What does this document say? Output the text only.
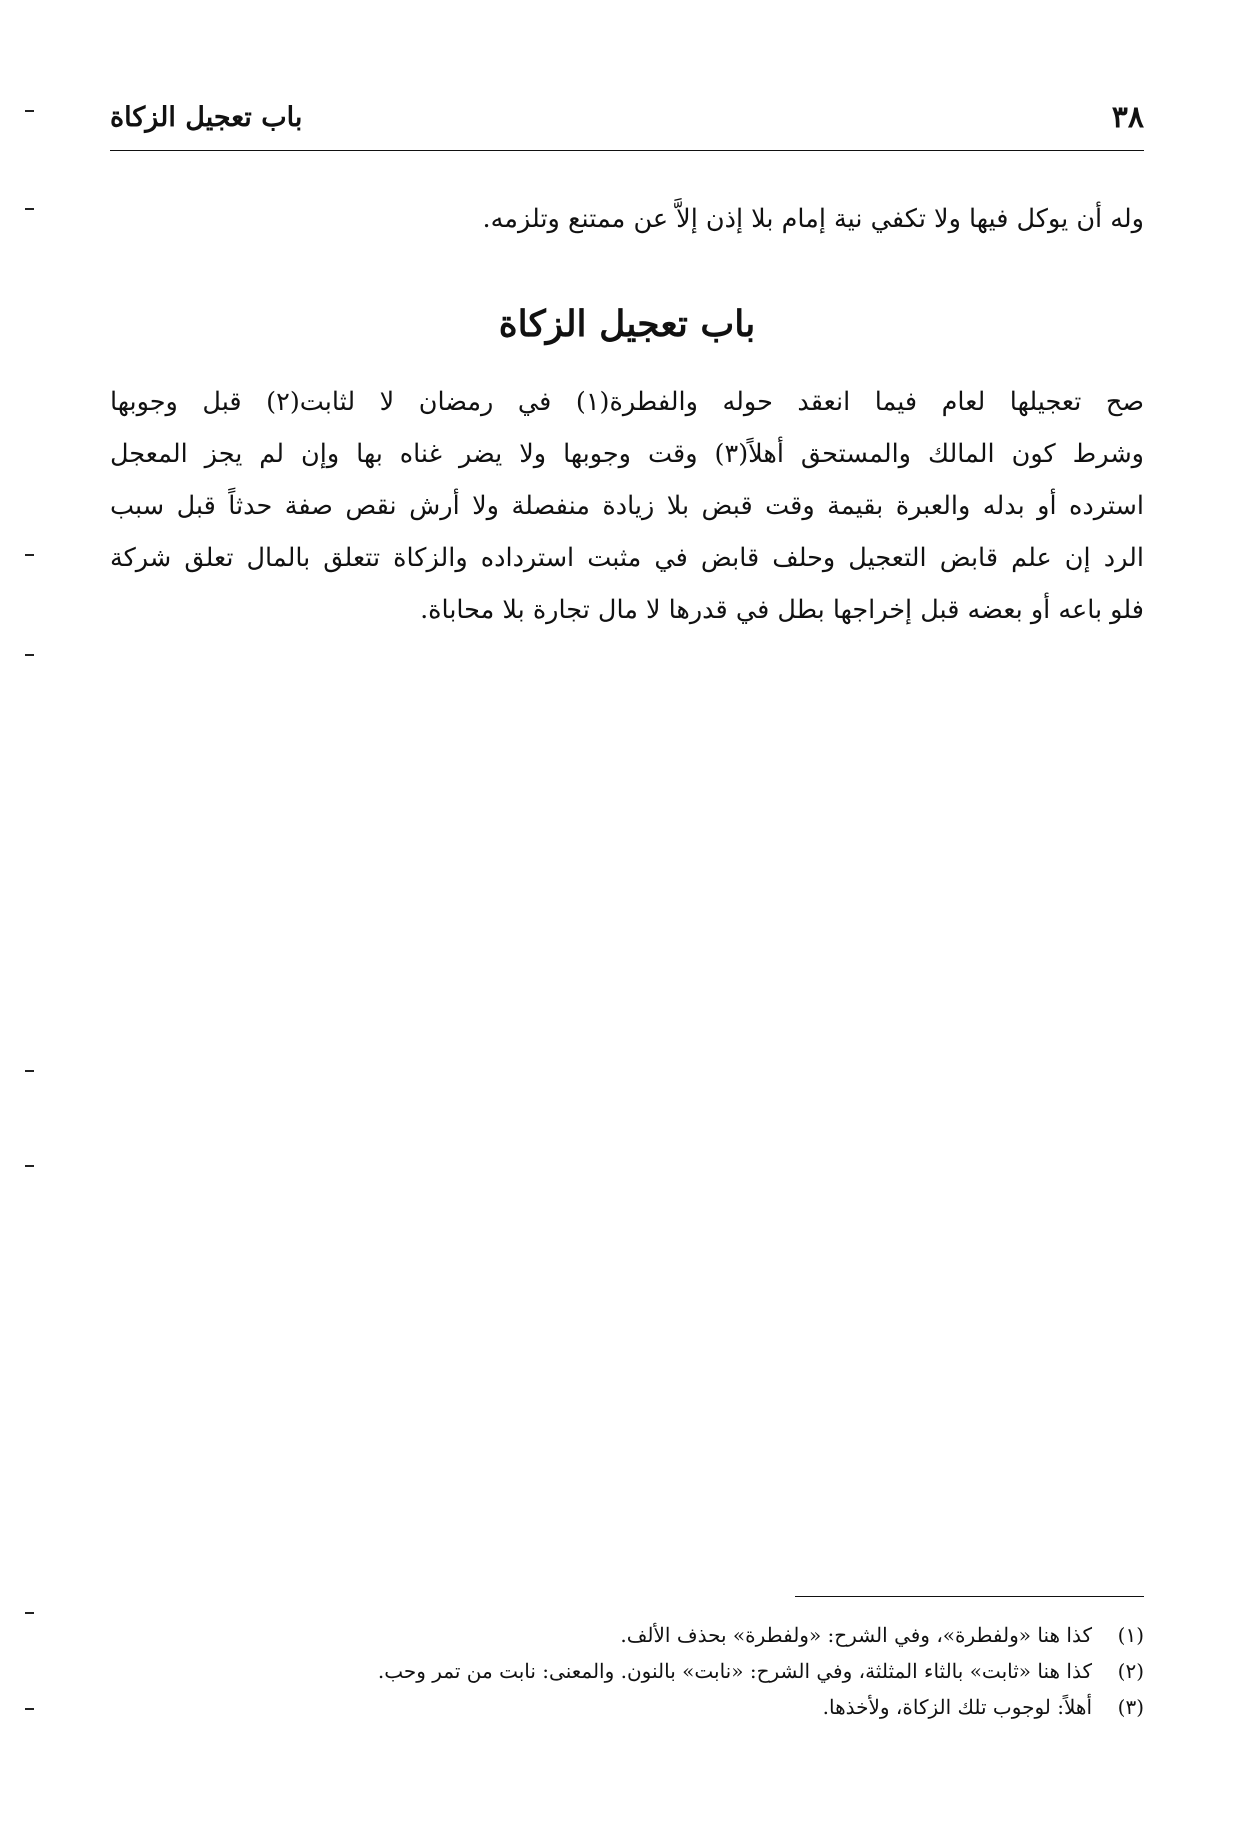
٣٨
باب تعجيل الزكاة
وله أن يوكل فيها ولا تكفي نية إمام بلا إذن إلاَّ عن ممتنع وتلزمه.
باب تعجيل الزكاة
صح تعجيلها لعام فيما انعقد حوله والفطرة(١) في رمضان لا لثابت(٢) قبل وجوبها
وشرط كون المالك والمستحق أهلاً(٣) وقت وجوبها ولا يضر غناه بها وإن لم يجز المعجل
استرده أو بدله والعبرة بقيمة وقت قبض بلا زيادة منفصلة ولا أرش نقص صفة حدثاً قبل سبب
الرد إن علم قابض التعجيل وحلف قابض في مثبت استرداده والزكاة تتعلق بالمال تعلق شركة
فلو باعه أو بعضه قبل إخراجها بطل في قدرها لا مال تجارة بلا محاباة.
(١)كذا هنا «ولفطرة»، وفي الشرح: «ولفطرة» بحذف الألف.
(٢)كذا هنا «ثابت» بالثاء المثلثة، وفي الشرح: «نابت» بالنون. والمعنى: نابت من تمر وحب.
(٣)أهلاً: لوجوب تلك الزكاة، ولأخذها.
